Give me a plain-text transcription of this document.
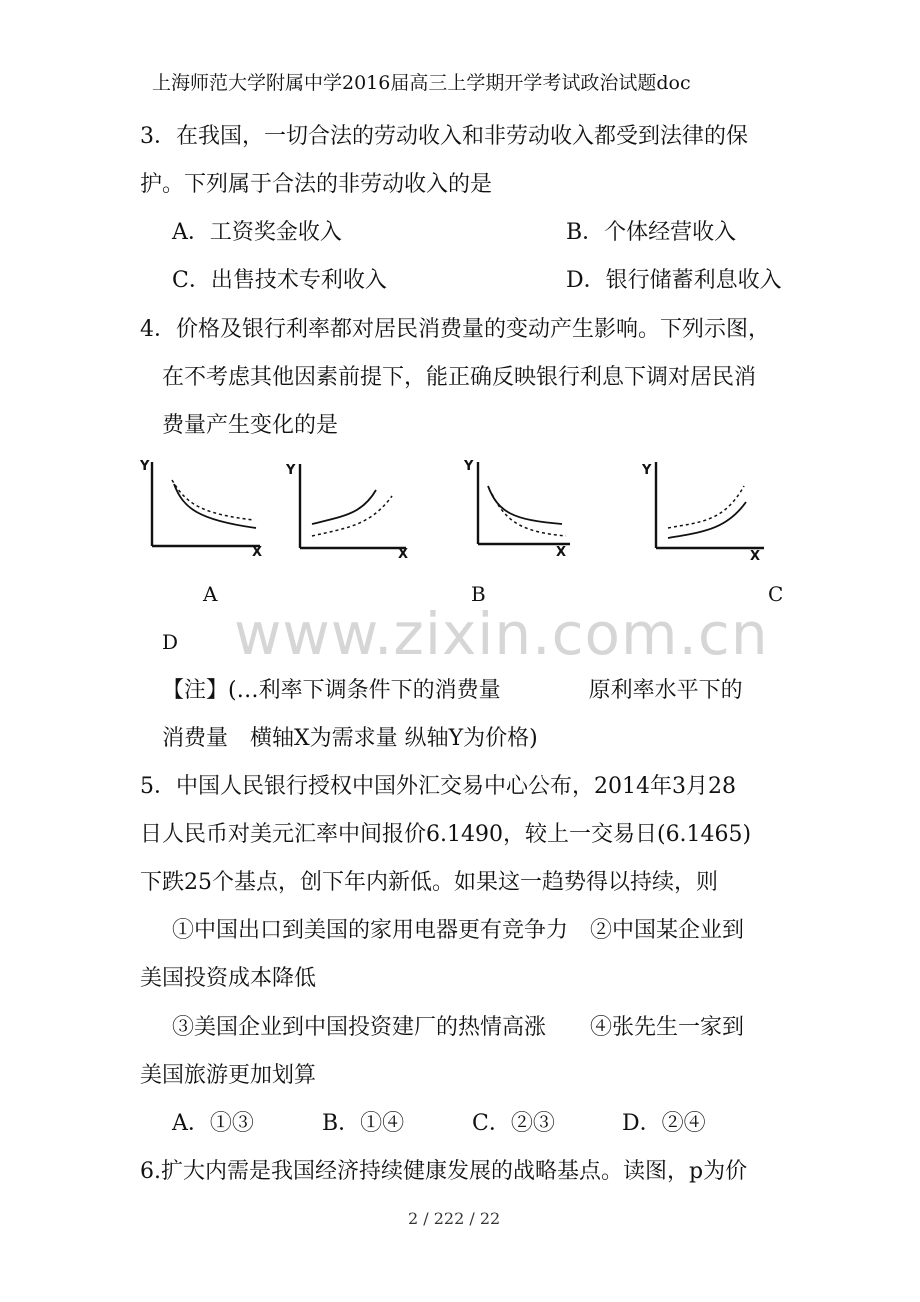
上海师范大学附属中学2016届高三上学期开学考试政治试题doc
3．在我国，一切合法的劳动收入和非劳动收入都受到法律的保
护。下列属于合法的非劳动收入的是
A．工资奖金收入	B．个体经营收入
C．出售技术专利收入	D．银行储蓄利息收入
4．价格及银行利率都对居民消费量的变动产生影响。下列示图，
在不考虑其他因素前提下，能正确反映银行利息下调对居民消
费量产生变化的是
Y
X
Y
X
Y
X
Y
X
A	B	C
D www.zixin.com.cn
【注】(…利率下调条件下的消费量　　　　原利率水平下的
消费量　横轴X为需求量 纵轴Y为价格)
5．中国人民银行授权中国外汇交易中心公布，2014年3月28
日人民币对美元汇率中间报价6.1490，较上一交易日(6.1465)
下跌25个基点，创下年内新低。如果这一趋势得以持续，则
①中国出口到美国的家用电器更有竞争力　②中国某企业到
美国投资成本降低
③美国企业到中国投资建厂的热情高涨　　④张先生一家到
美国旅游更加划算
A．①③	B．①④	C．②③	D．②④
6.扩大内需是我国经济持续健康发展的战略基点。读图，p为价
2 / 222 / 22
